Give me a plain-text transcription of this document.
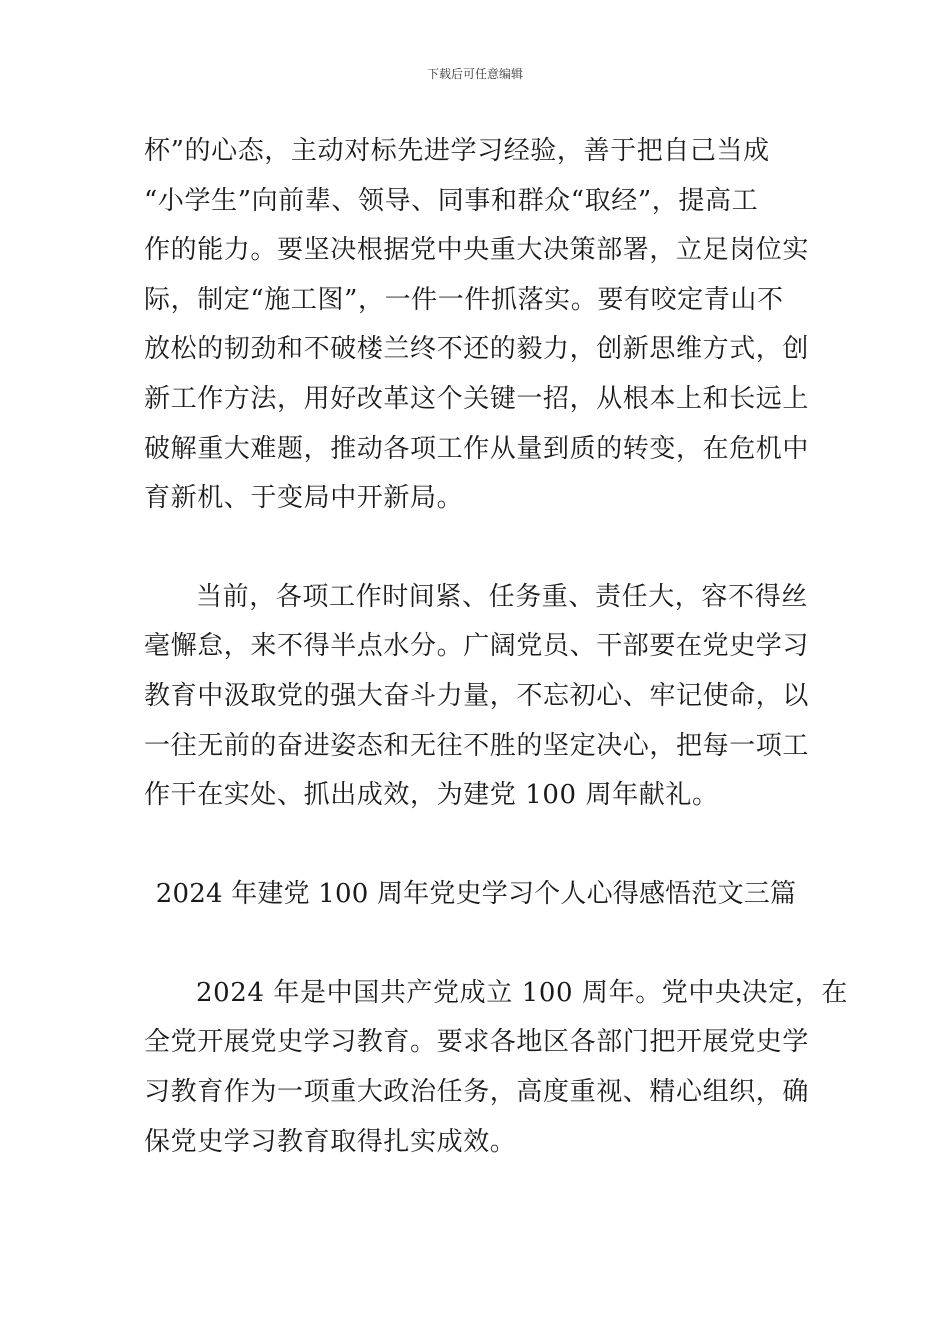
下载后可任意编辑

杯”的心态，主动对标先进学习经验，善于把自己当成
“小学生”向前辈、领导、同事和群众“取经”，提高工
作的能力。要坚决根据党中央重大决策部署，立足岗位实
际，制定“施工图”，一件一件抓落实。要有咬定青山不
放松的韧劲和不破楼兰终不还的毅力，创新思维方式，创
新工作方法，用好改革这个关键一招，从根本上和长远上
破解重大难题，推动各项工作从量到质的转变，在危机中
育新机、于变局中开新局。

当前，各项工作时间紧、任务重、责任大，容不得丝
毫懈怠，来不得半点水分。广阔党员、干部要在党史学习
教育中汲取党的强大奋斗力量，不忘初心、牢记使命，以
一往无前的奋进姿态和无往不胜的坚定决心，把每一项工
作干在实处、抓出成效，为建党 100 周年献礼。

2024 年建党 100 周年党史学习个人心得感悟范文三篇

2024 年是中国共产党成立 100 周年。党中央决定，在
全党开展党史学习教育。要求各地区各部门把开展党史学
习教育作为一项重大政治任务，高度重视、精心组织，确
保党史学习教育取得扎实成效。
